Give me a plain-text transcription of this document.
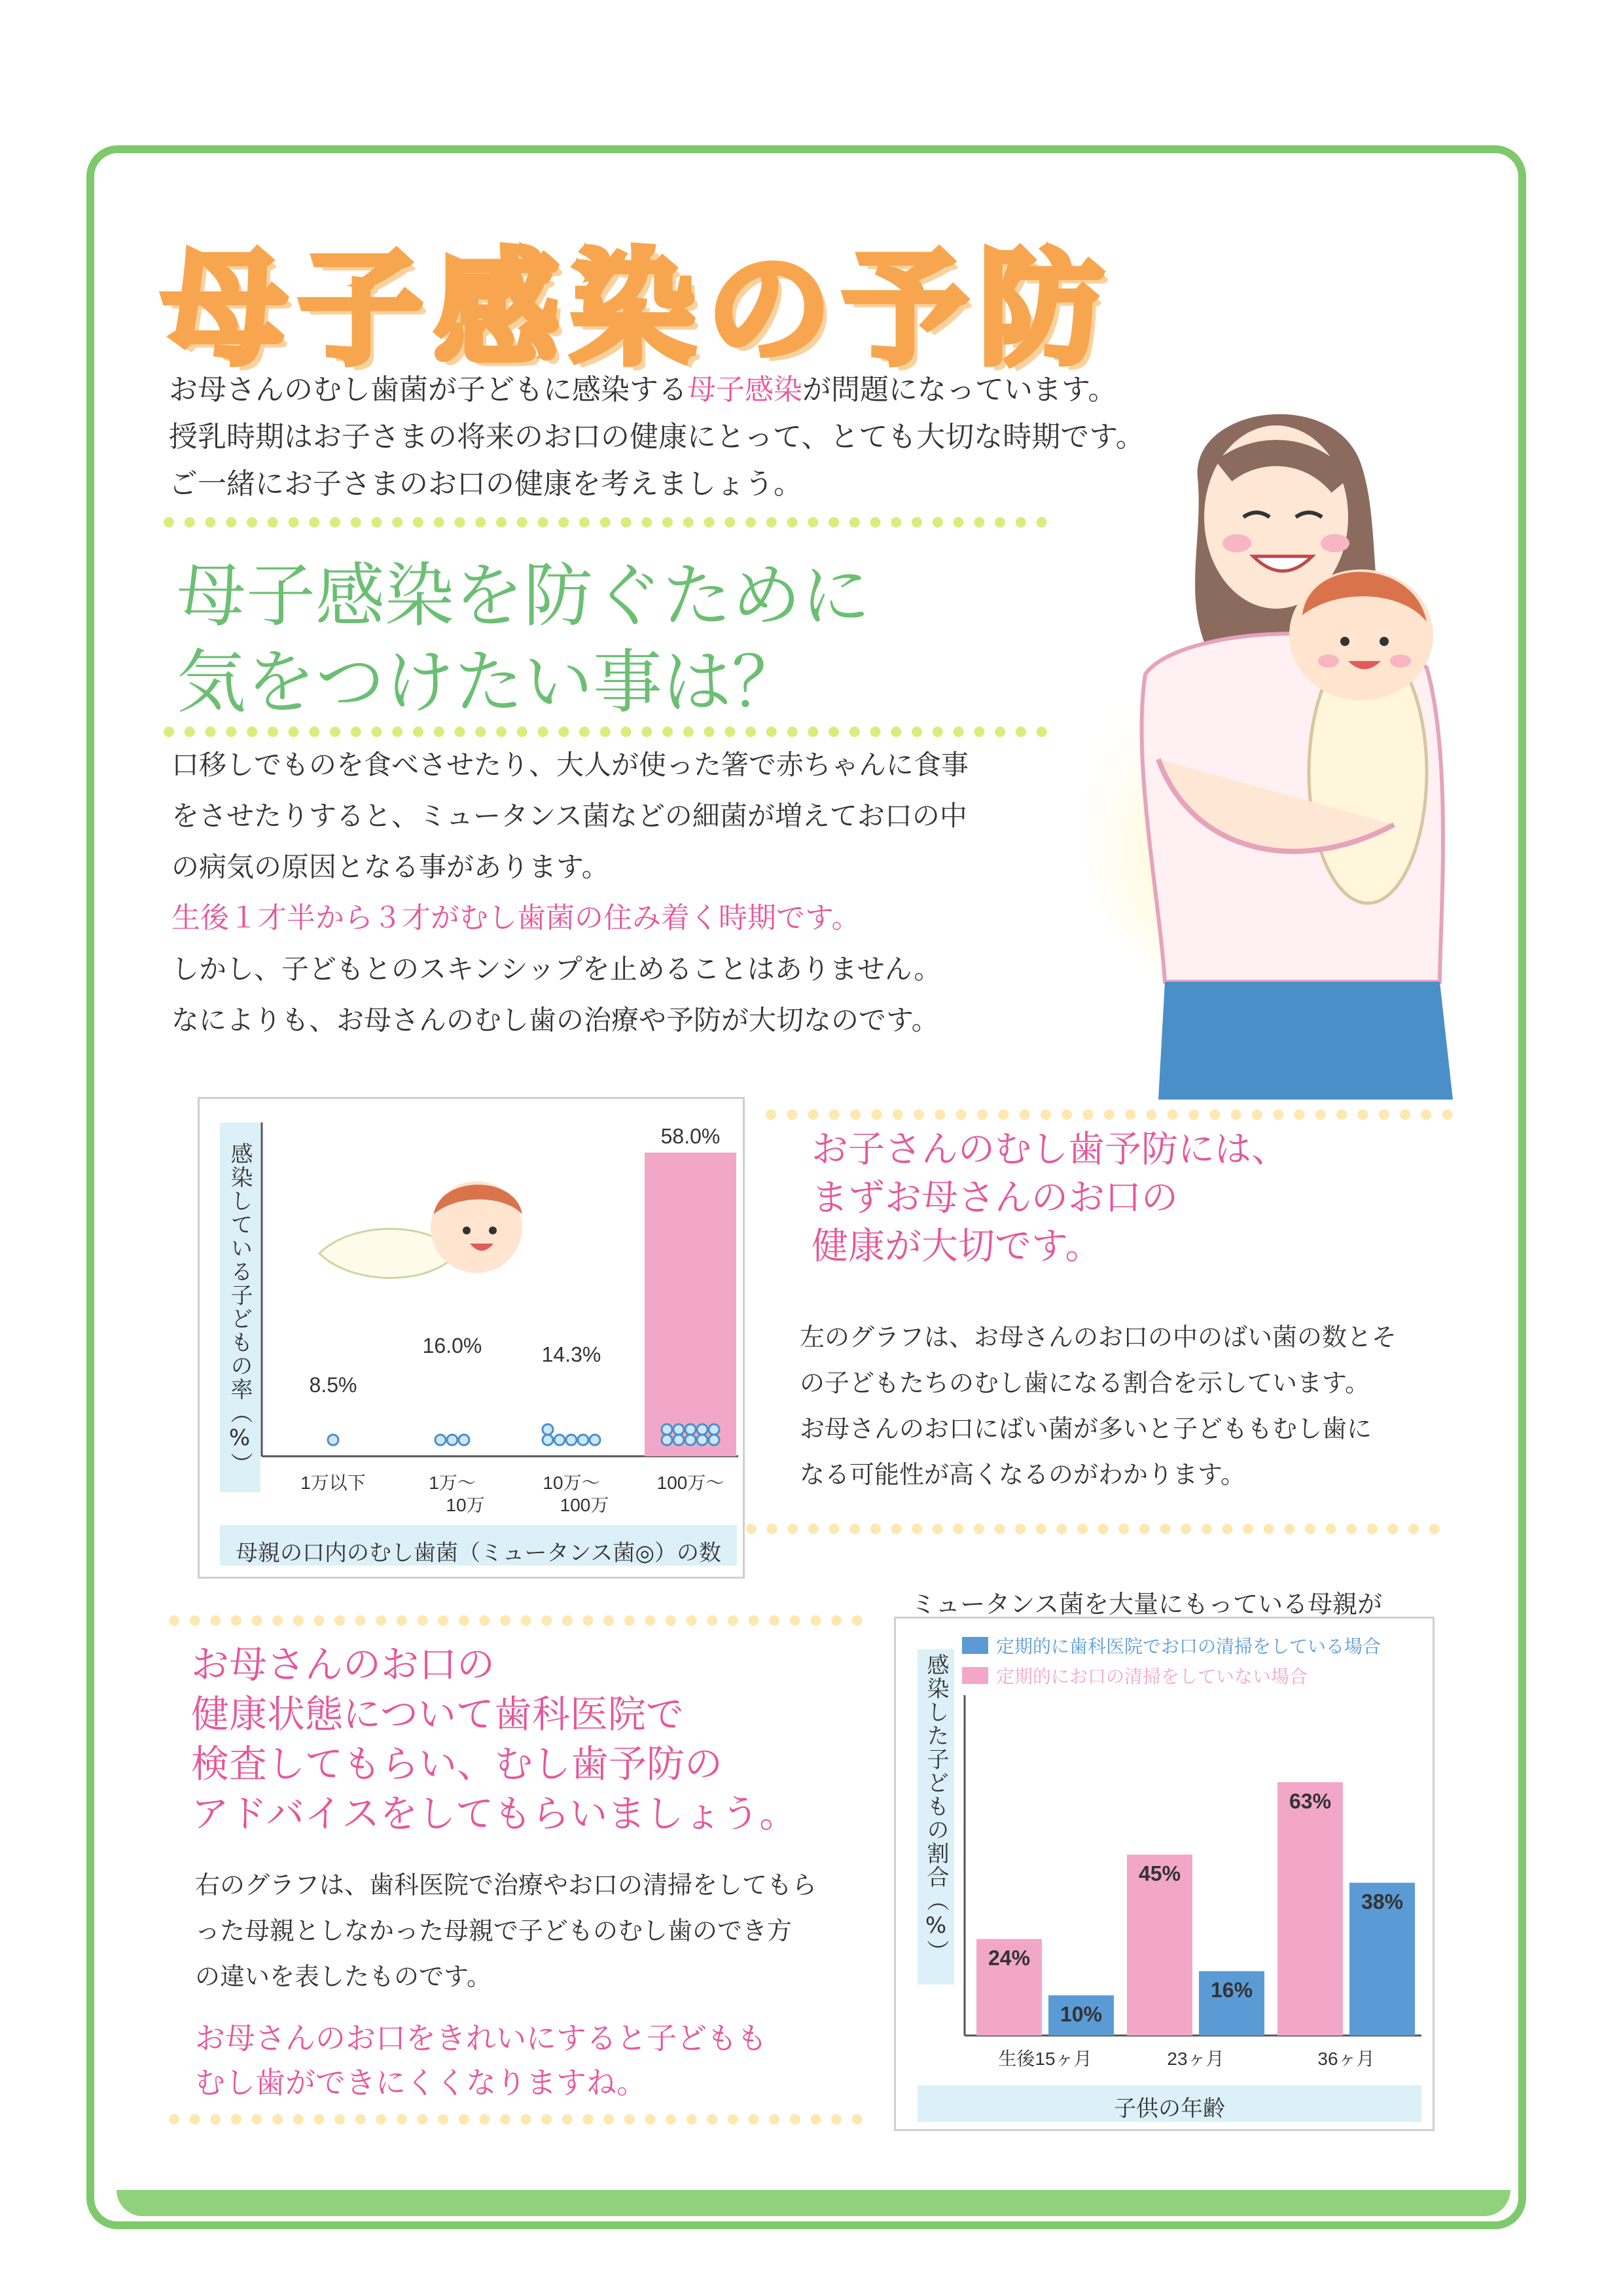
母子感染の予防
お母さんのむし歯菌が子どもに感染する母子感染が問題になっています。
授乳時期はお子さまの将来のお口の健康にとって、とても大切な時期です。
ご一緒にお子さまのお口の健康を考えましょう。
母子感染を防ぐために
気をつけたい事は？
口移しでものを食べさせたり、大人が使った箸で赤ちゃんに食事
をさせたりすると、ミュータンス菌などの細菌が増えてお口の中
の病気の原因となる事があります。
生後１才半から３才がむし歯菌の住み着く時期です。
しかし、子どもとのスキンシップを止めることはありません。
なによりも、お母さんのむし歯の治療や予防が大切なのです。
感染している子どもの率（%）
母親の口内のむし歯菌（ミュータンス菌◎）の数
8.5%
1万以下
16.0%
1万～
10万
14.3%
10万～
100万
58.0%
100万～
お子さんのむし歯予防には、
まずお母さんのお口の
健康が大切です。
左のグラフは、お母さんのお口の中のばい菌の数とそ
の子どもたちのむし歯になる割合を示しています。
お母さんのお口にばい菌が多いと子どももむし歯に
なる可能性が高くなるのがわかります。
お母さんのお口の
健康状態について歯科医院で
検査してもらい、むし歯予防の
アドバイスをしてもらいましょう。
右のグラフは、歯科医院で治療やお口の清掃をしてもら
った母親としなかった母親で子どものむし歯のでき方
の違いを表したものです。
お母さんのお口をきれいにすると子どもも
むし歯ができにくくなりますね。
ミュータンス菌を大量にもっている母親が
感染した子どもの割合（%）
子供の年齢
定期的に歯科医院でお口の清掃をしている場合
定期的にお口の清掃をしていない場合
24%
10%
生後15ヶ月
45%
16%
23ヶ月
63%
38%
36ヶ月
